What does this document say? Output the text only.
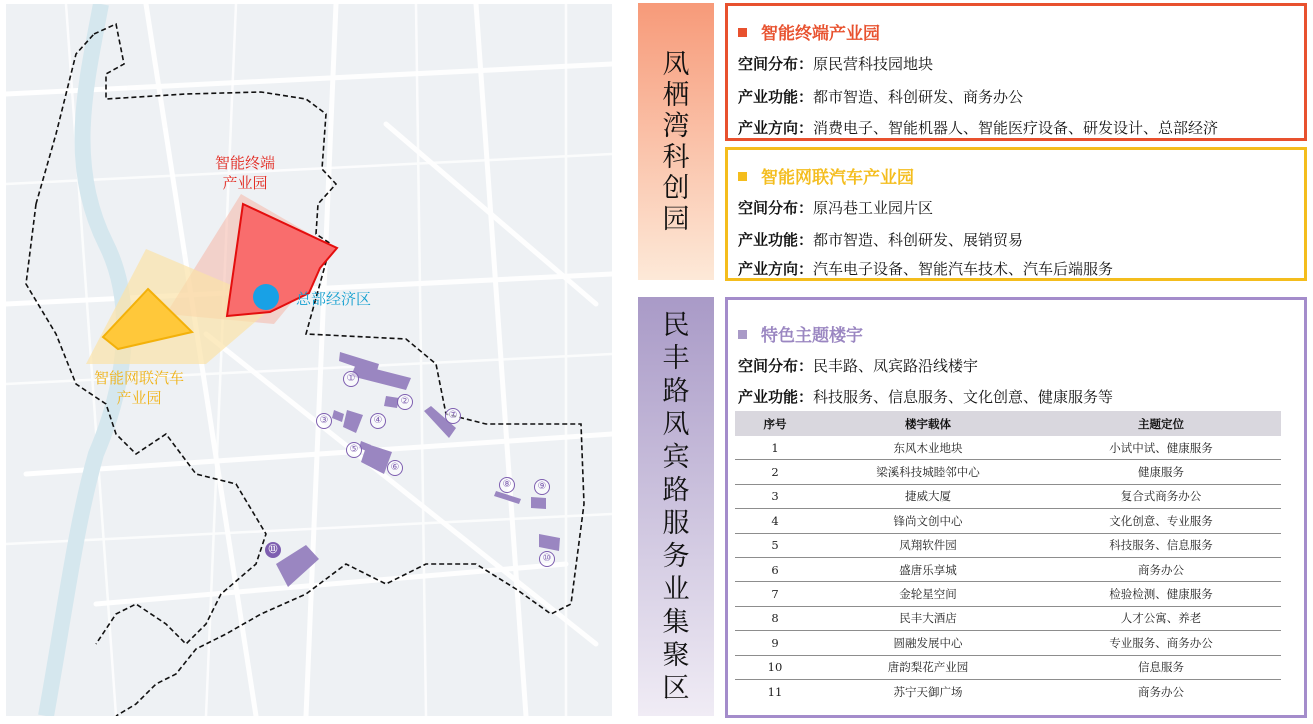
智能终端
产业园
总部经济区
智能网联汽车
产业园
①
②
③	④
⑤
⑥
⑦
⑧	⑨
⑩
⑪
凤
栖
湾
科
创
园
智能终端产业园
空间分布：原民营科技园地块
产业功能：都市智造、科创研发、商务办公
产业方向：消费电子、智能机器人、智能医疗设备、研发设计、总部经济
智能网联汽车产业园
空间分布：原冯巷工业园片区
产业功能：都市智造、科创研发、展销贸易
产业方向：汽车电子设备、智能汽车技术、汽车后端服务
民
丰
路
凤
宾
路
服
务
业
集
聚
区
特色主题楼宇
空间分布：民丰路、凤宾路沿线楼宇
产业功能：科技服务、信息服务、文化创意、健康服务等
序号	楼宇载体	主题定位
1	东风木业地块	小试中试、健康服务
2	梁溪科技城睦邻中心	健康服务
3	捷威大厦	复合式商务办公
4	锋尚文创中心	文化创意、专业服务
5	凤翔软件园	科技服务、信息服务
6	盛唐乐享城	商务办公
7	金轮星空间	检验检测、健康服务
8	民丰大酒店	人才公寓、养老
9	圆融发展中心	专业服务、商务办公
10	唐韵梨花产业园	信息服务
11	苏宁天御广场	商务办公
